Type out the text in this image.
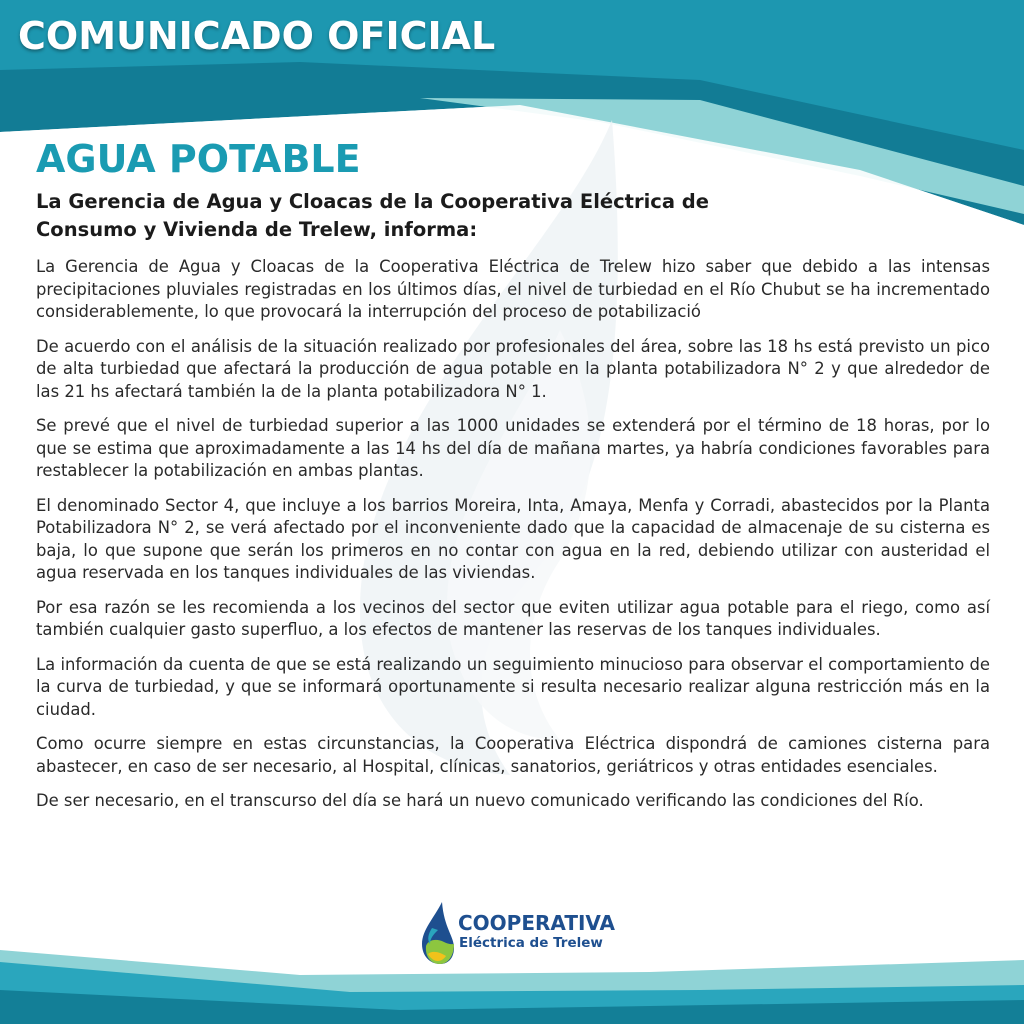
COMUNICADO OFICIAL
AGUA POTABLE

La Gerencia de Agua y Cloacas de la Cooperativa Eléctrica de Consumo y Vivienda de Trelew, informa:

La Gerencia de Agua y Cloacas de la Cooperativa Eléctrica de Trelew hizo saber que debido a las intensas precipitaciones pluviales registradas en los últimos días, el nivel de turbiedad en el Río Chubut se ha incrementado considerablemente, lo que provocará la interrupción del proceso de potabilizació

De acuerdo con el análisis de la situación realizado por profesionales del área, sobre las 18 hs está previsto un pico de alta turbiedad que afectará la producción de agua potable en la planta potabilizadora N° 2 y que alrededor de las 21 hs afectará también la de la planta potabilizadora N° 1.

Se prevé que el nivel de turbiedad superior a las 1000 unidades se extenderá por el término de 18 horas, por lo que se estima que aproximadamente a las 14 hs del día de mañana martes, ya habría condiciones favorables para restablecer la potabilización en ambas plantas.

El denominado Sector 4, que incluye a los barrios Moreira, Inta, Amaya, Menfa y Corradi, abastecidos por la Planta Potabilizadora N° 2, se verá afectado por el inconveniente dado que la capacidad de almacenaje de su cisterna es baja, lo que supone que serán los primeros en no contar con agua en la red, debiendo utilizar con austeridad el agua reservada en los tanques individuales de las viviendas.

Por esa razón se les recomienda a los vecinos del sector que eviten utilizar agua potable para el riego, como así también cualquier gasto superfluo, a los efectos de mantener las reservas de los tanques individuales.

La información da cuenta de que se está realizando un seguimiento minucioso para observar el comportamiento de la curva de turbiedad, y que se informará oportunamente si resulta necesario realizar alguna restricción más en la ciudad.

Como ocurre siempre en estas circunstancias, la Cooperativa Eléctrica dispondrá de camiones cisterna para abastecer, en caso de ser necesario, al Hospital, clínicas, sanatorios, geriátricos y otras entidades esenciales.

De ser necesario, en el transcurso del día se hará un nuevo comunicado verificando las condiciones del Río.

COOPERATIVA
Eléctrica de Trelew
